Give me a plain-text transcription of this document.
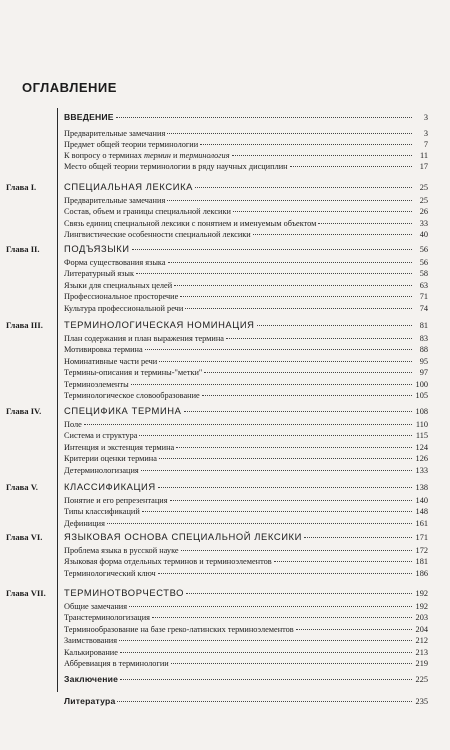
ОГЛАВЛЕНИЕ
ВВЕДЕНИЕ	3
Предварительные замечания	3
Предмет общей теории терминологии	7
К вопросу о терминах термин и терминология	11
Место общей теории терминологии в ряду научных дисциплин	17
Глава I.	СПЕЦИАЛЬНАЯ ЛЕКСИКА	25
Предварительные замечания	25
Состав, объем и границы специальной лексики	26
Связь единиц специальной лексики с понятием и именуемым объектом	33
Лингвистические особенности специальной лексики	40
Глава II.	ПОДЪЯЗЫКИ	56
Форма существования языка	56
Литературный язык	58
Языки для специальных целей	63
Профессиональное просторечие	71
Культура профессиональной речи	74
Глава III. ТЕРМИНОЛОГИЧЕСКАЯ НОМИНАЦИЯ	81
План содержания и план выражения термина	83
Мотивировка термина	88
Номинативные части речи	95
Термины-описания и термины-"метки"	97
Терминоэлементы	100
Терминологическое словообразование	105
Глава IV. СПЕЦИФИКА ТЕРМИНА	108
Поле	110
Система и структура	115
Интенция и экстенция термина	124
Критерии оценки термина	126
Детерминологизация	133
Глава V.	КЛАССИФИКАЦИЯ	138
Понятие и его репрезентация	140
Типы классификаций	148
Дефиниция	161
Глава VI. ЯЗЫКОВАЯ ОСНОВА СПЕЦИАЛЬНОЙ ЛЕКСИКИ	171
Проблема языка в русской науке	172
Языковая форма отдельных терминов и терминоэлементов	181
Терминологический ключ	186
Глава VII. ТЕРМИНОТВОРЧЕСТВО	192
Общие замечания	192
Транстерминологизация	203
Терминообразование на базе греко-латинских терминоэлементов	204
Заимствования	212
Калькирование	213
Аббревиация в терминологии	219
Заключение	225
Литература	235
